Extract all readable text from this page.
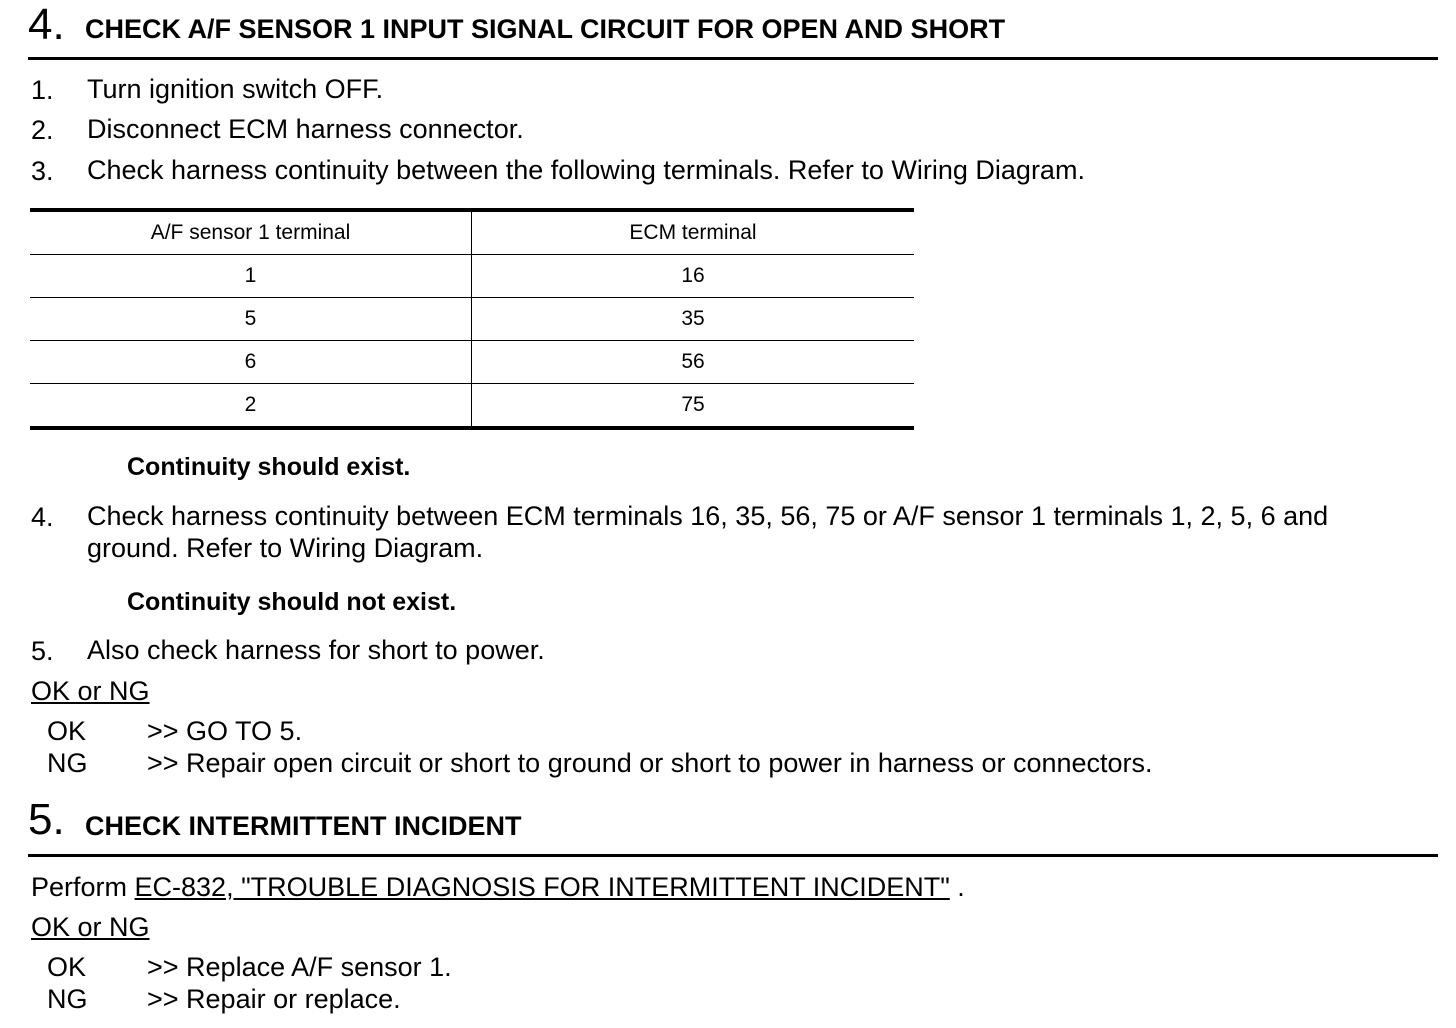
4. CHECK A/F SENSOR 1 INPUT SIGNAL CIRCUIT FOR OPEN AND SHORT
1. Turn ignition switch OFF.
2. Disconnect ECM harness connector.
3. Check harness continuity between the following terminals. Refer to Wiring Diagram.
A/F sensor 1 terminal	ECM terminal
1	16
5	35
6	56
2	75
Continuity should exist.
4. Check harness continuity between ECM terminals 16, 35, 56, 75 or A/F sensor 1 terminals 1, 2, 5, 6 and
ground. Refer to Wiring Diagram.
Continuity should not exist.
5. Also check harness for short to power.
OK or NG
OK >> GO TO 5.
NG >> Repair open circuit or short to ground or short to power in harness or connectors.
5. CHECK INTERMITTENT INCIDENT
Perform EC-832, "TROUBLE DIAGNOSIS FOR INTERMITTENT INCIDENT" .
OK or NG
OK >> Replace A/F sensor 1.
NG >> Repair or replace.
